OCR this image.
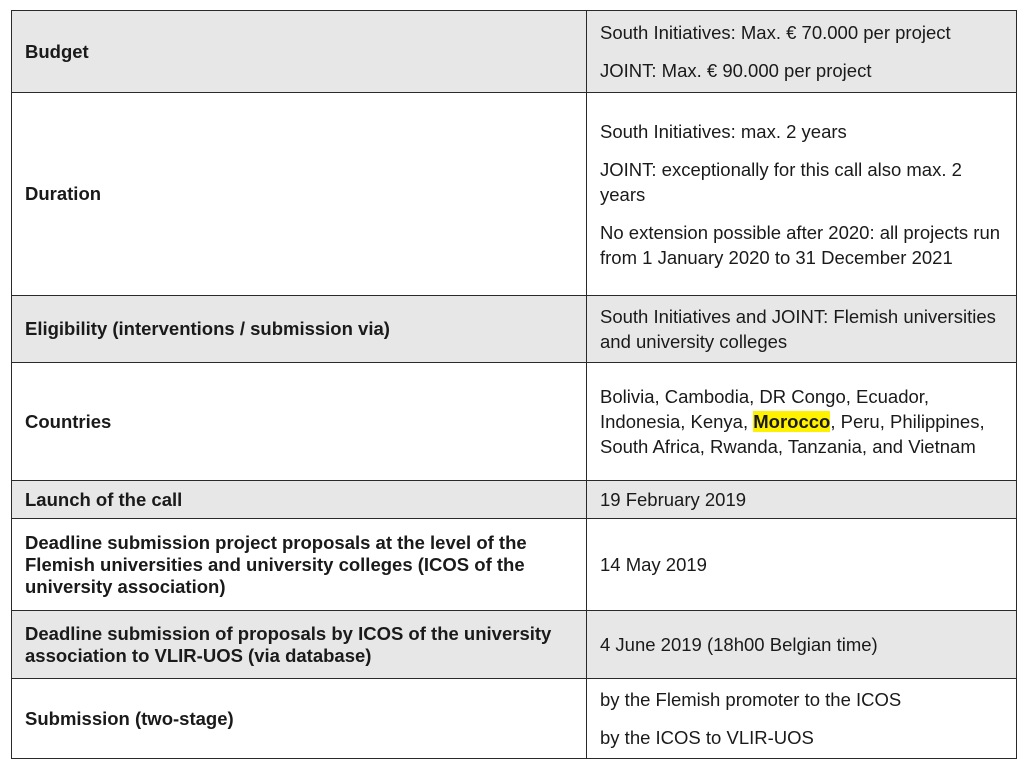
Budget	South Initiatives: Max. € 70.000 per project

JOINT: Max. € 90.000 per project

Duration	South Initiatives: max. 2 years

JOINT: exceptionally for this call also max. 2 years

No extension possible after 2020: all projects run from 1 January 2020 to 31 December 2021

Eligibility (interventions / submission via)	South Initiatives and JOINT: Flemish universities and university colleges

Countries	Bolivia, Cambodia, DR Congo, Ecuador, Indonesia, Kenya, Morocco, Peru, Philippines, South Africa, Rwanda, Tanzania, and Vietnam

Launch of the call	19 February 2019

Deadline submission project proposals at the level of the Flemish universities and university colleges (ICOS of the university association)	14 May 2019

Deadline submission of proposals by ICOS of the university association to VLIR-UOS (via database)	4 June 2019 (18h00 Belgian time)

Submission (two-stage)	by the Flemish promoter to the ICOS

by the ICOS to VLIR-UOS
